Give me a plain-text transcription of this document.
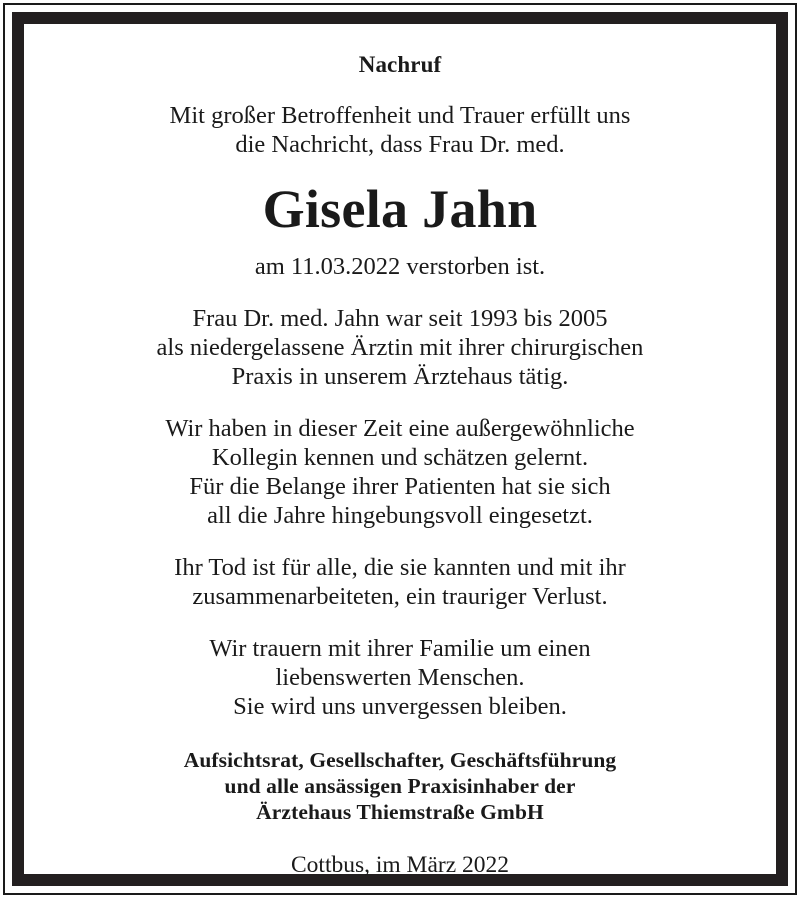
Nachruf
Mit großer Betroffenheit und Trauer erfüllt uns
die Nachricht, dass Frau Dr. med.
Gisela Jahn
am 11.03.2022 verstorben ist.
Frau Dr. med. Jahn war seit 1993 bis 2005
als niedergelassene Ärztin mit ihrer chirurgischen
Praxis in unserem Ärztehaus tätig.
Wir haben in dieser Zeit eine außergewöhnliche
Kollegin kennen und schätzen gelernt.
Für die Belange ihrer Patienten hat sie sich
all die Jahre hingebungsvoll eingesetzt.
Ihr Tod ist für alle, die sie kannten und mit ihr
zusammenarbeiteten, ein trauriger Verlust.
Wir trauern mit ihrer Familie um einen
liebenswerten Menschen.
Sie wird uns unvergessen bleiben.
Aufsichtsrat, Gesellschafter, Geschäftsführung
und alle ansässigen Praxisinhaber der
Ärztehaus Thiemstraße GmbH
Cottbus, im März 2022
